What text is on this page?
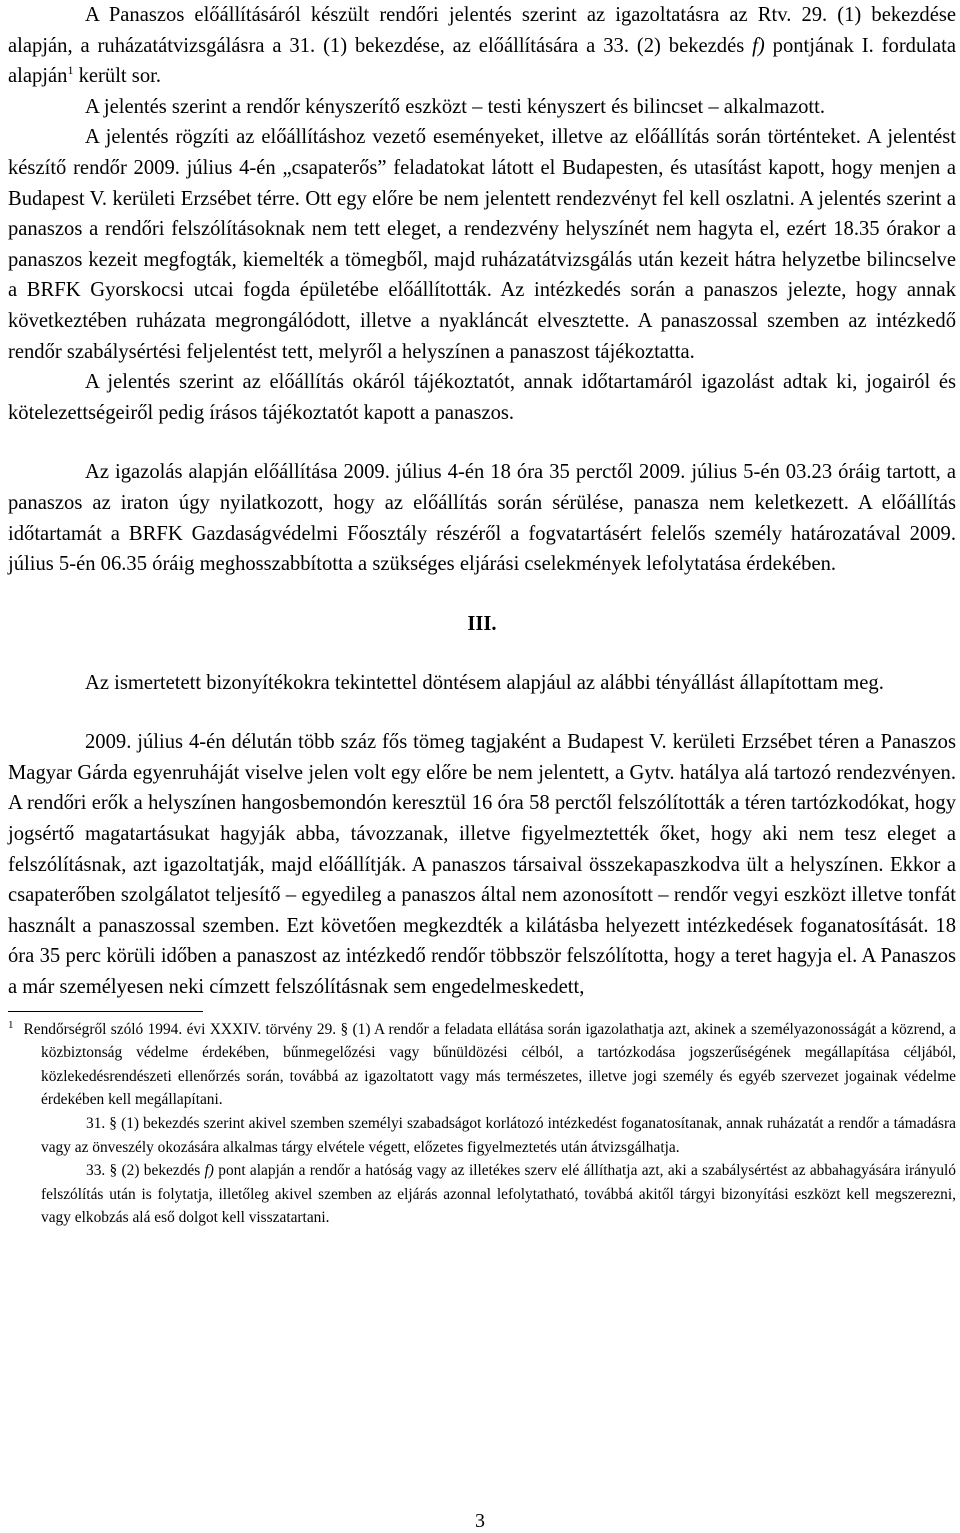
A Panaszos előállításáról készült rendőri jelentés szerint az igazoltatásra az Rtv. 29. (1) bekezdése alapján, a ruházatátvizsgálásra a 31. (1) bekezdése, az előállítására a 33. (2) bekezdés f) pontjának I. fordulata alapján$^1$ került sor.

A jelentés szerint a rendőr kényszerítő eszközt – testi kényszert és bilincset – alkalmazott.

A jelentés rögzíti az előállításhoz vezető eseményeket, illetve az előállítás során történteket. A jelentést készítő rendőr 2009. július 4-én „csapaterős” feladatokat látott el Budapesten, és utasítást kapott, hogy menjen a Budapest V. kerületi Erzsébet térre. Ott egy előre be nem jelentett rendezvényt fel kell oszlatni. A jelentés szerint a panaszos a rendőri felszólításoknak nem tett eleget, a rendezvény helyszínét nem hagyta el, ezért 18.35 órakor a panaszos kezeit megfogták, kiemelték a tömegből, majd ruházatátvizsgálás után kezeit hátra helyzetbe bilincselve a BRFK Gyorskocsi utcai fogda épületébe előállították. Az intézkedés során a panaszos jelezte, hogy annak következtében ruházata megrongálódott, illetve a nyakláncát elvesztette. A panaszossal szemben az intézkedő rendőr szabálysértési feljelentést tett, melyről a helyszínen a panaszost tájékoztatta.

A jelentés szerint az előállítás okáról tájékoztatót, annak időtartamáról igazolást adtak ki, jogairól és kötelezettségeiről pedig írásos tájékoztatót kapott a panaszos.

Az igazolás alapján előállítása 2009. július 4-én 18 óra 35 perctől 2009. július 5-én 03.23 óráig tartott, a panaszos az iraton úgy nyilatkozott, hogy az előállítás során sérülése, panasza nem keletkezett. A előállítás időtartamát a BRFK Gazdaságvédelmi Főosztály részéről a fogvatartásért felelős személy határozatával 2009. július 5-én 06.35 óráig meghosszabbította a szükséges eljárási cselekmények lefolytatása érdekében.

III.

Az ismertetett bizonyítékokra tekintettel döntésem alapjául az alábbi tényállást állapítottam meg.

2009. július 4-én délután több száz fős tömeg tagjaként a Budapest V. kerületi Erzsébet téren a Panaszos Magyar Gárda egyenruháját viselve jelen volt egy előre be nem jelentett, a Gytv. hatálya alá tartozó rendezvényen. A rendőri erők a helyszínen hangosbemondón keresztül 16 óra 58 perctől felszólították a téren tartózkodókat, hogy jogsértő magatartásukat hagyják abba, távozzanak, illetve figyelmeztették őket, hogy aki nem tesz eleget a felszólításnak, azt igazoltatják, majd előállítják. A panaszos társaival összekapaszkodva ült a helyszínen. Ekkor a csapaterőben szolgálatot teljesítő – egyedileg a panaszos által nem azonosított – rendőr vegyi eszközt illetve tonfát használt a panaszossal szemben. Ezt követően megkezdték a kilátásba helyezett intézkedések foganatosítását. 18 óra 35 perc körüli időben a panaszost az intézkedő rendőr többször felszólította, hogy a teret hagyja el. A Panaszos a már személyesen neki címzett felszólításnak sem engedelmeskedett,

$^1$ Rendőrségről szóló 1994. évi XXXIV. törvény 29. § (1) A rendőr a feladata ellátása során igazolathatja azt, akinek a személyazonosságát a közrend, a közbiztonság védelme érdekében, bűnmegelőzési vagy bűnüldözési célból, a tartózkodása jogszerűségének megállapítása céljából, közlekedésrendészeti ellenőrzés során, továbbá az igazoltatott vagy más természetes, illetve jogi személy és egyéb szervezet jogainak védelme érdekében kell megállapítani.

31. § (1) bekezdés szerint akivel szemben személyi szabadságot korlátozó intézkedést foganatosítanak, annak ruházatát a rendőr a támadásra vagy az önveszély okozására alkalmas tárgy elvétele végett, előzetes figyelmeztetés után átvizsgálhatja.

33. § (2) bekezdés f) pont alapján a rendőr a hatóság vagy az illetékes szerv elé állíthatja azt, aki a szabálysértést az abbahagyására irányuló felszólítás után is folytatja, illetőleg akivel szemben az eljárás azonnal lefolytatható, továbbá akitől tárgyi bizonyítási eszközt kell megszerezni, vagy elkobzás alá eső dolgot kell visszatartani.

3
